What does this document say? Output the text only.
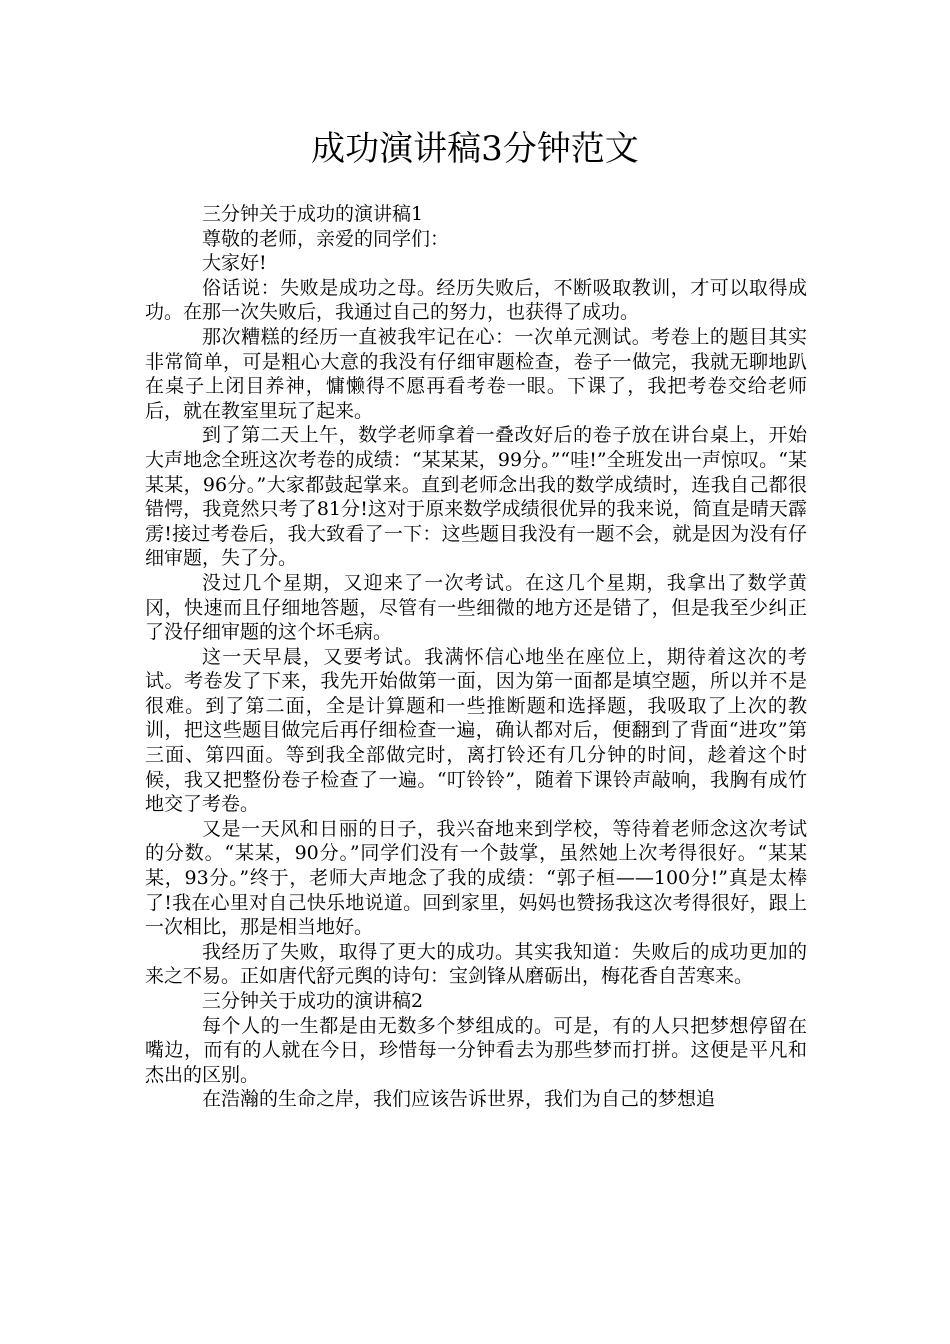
成功演讲稿3分钟范文

三分钟关于成功的演讲稿1

尊敬的老师，亲爱的同学们：

大家好!

俗话说：失败是成功之母。经历失败后，不断吸取教训，才可以取得成功。在那一次失败后，我通过自己的努力，也获得了成功。

那次糟糕的经历一直被我牢记在心：一次单元测试。考卷上的题目其实非常简单，可是粗心大意的我没有仔细审题检查，卷子一做完，我就无聊地趴在桌子上闭目养神，慵懒得不愿再看考卷一眼。下课了，我把考卷交给老师后，就在教室里玩了起来。

到了第二天上午，数学老师拿着一叠改好后的卷子放在讲台桌上，开始大声地念全班这次考卷的成绩：“某某某，99分。”“哇!”全班发出一声惊叹。“某某某，96分。”大家都鼓起掌来。直到老师念出我的数学成绩时，连我自己都很错愕，我竟然只考了81分!这对于原来数学成绩很优异的我来说，简直是晴天霹雳!接过考卷后，我大致看了一下：这些题目我没有一题不会，就是因为没有仔细审题，失了分。

没过几个星期，又迎来了一次考试。在这几个星期，我拿出了数学黄冈，快速而且仔细地答题，尽管有一些细微的地方还是错了，但是我至少纠正了没仔细审题的这个坏毛病。

这一天早晨，又要考试。我满怀信心地坐在座位上，期待着这次的考试。考卷发了下来，我先开始做第一面，因为第一面都是填空题，所以并不是很难。到了第二面，全是计算题和一些推断题和选择题，我吸取了上次的教训，把这些题目做完后再仔细检查一遍，确认都对后，便翻到了背面“进攻”第三面、第四面。等到我全部做完时，离打铃还有几分钟的时间，趁着这个时候，我又把整份卷子检查了一遍。“叮铃铃”，随着下课铃声敲响，我胸有成竹地交了考卷。

又是一天风和日丽的日子，我兴奋地来到学校，等待着老师念这次考试的分数。“某某，90分。”同学们没有一个鼓掌，虽然她上次考得很好。“某某某，93分。”终于，老师大声地念了我的成绩：“郭子桓——100分!”真是太棒了!我在心里对自己快乐地说道。回到家里，妈妈也赞扬我这次考得很好，跟上一次相比，那是相当地好。

我经历了失败，取得了更大的成功。其实我知道：失败后的成功更加的来之不易。正如唐代舒元舆的诗句：宝剑锋从磨砺出，梅花香自苦寒来。

三分钟关于成功的演讲稿2

每个人的一生都是由无数多个梦组成的。可是，有的人只把梦想停留在嘴边，而有的人就在今日，珍惜每一分钟看去为那些梦而打拼。这便是平凡和杰出的区别。

在浩瀚的生命之岸，我们应该告诉世界，我们为自己的梦想追
